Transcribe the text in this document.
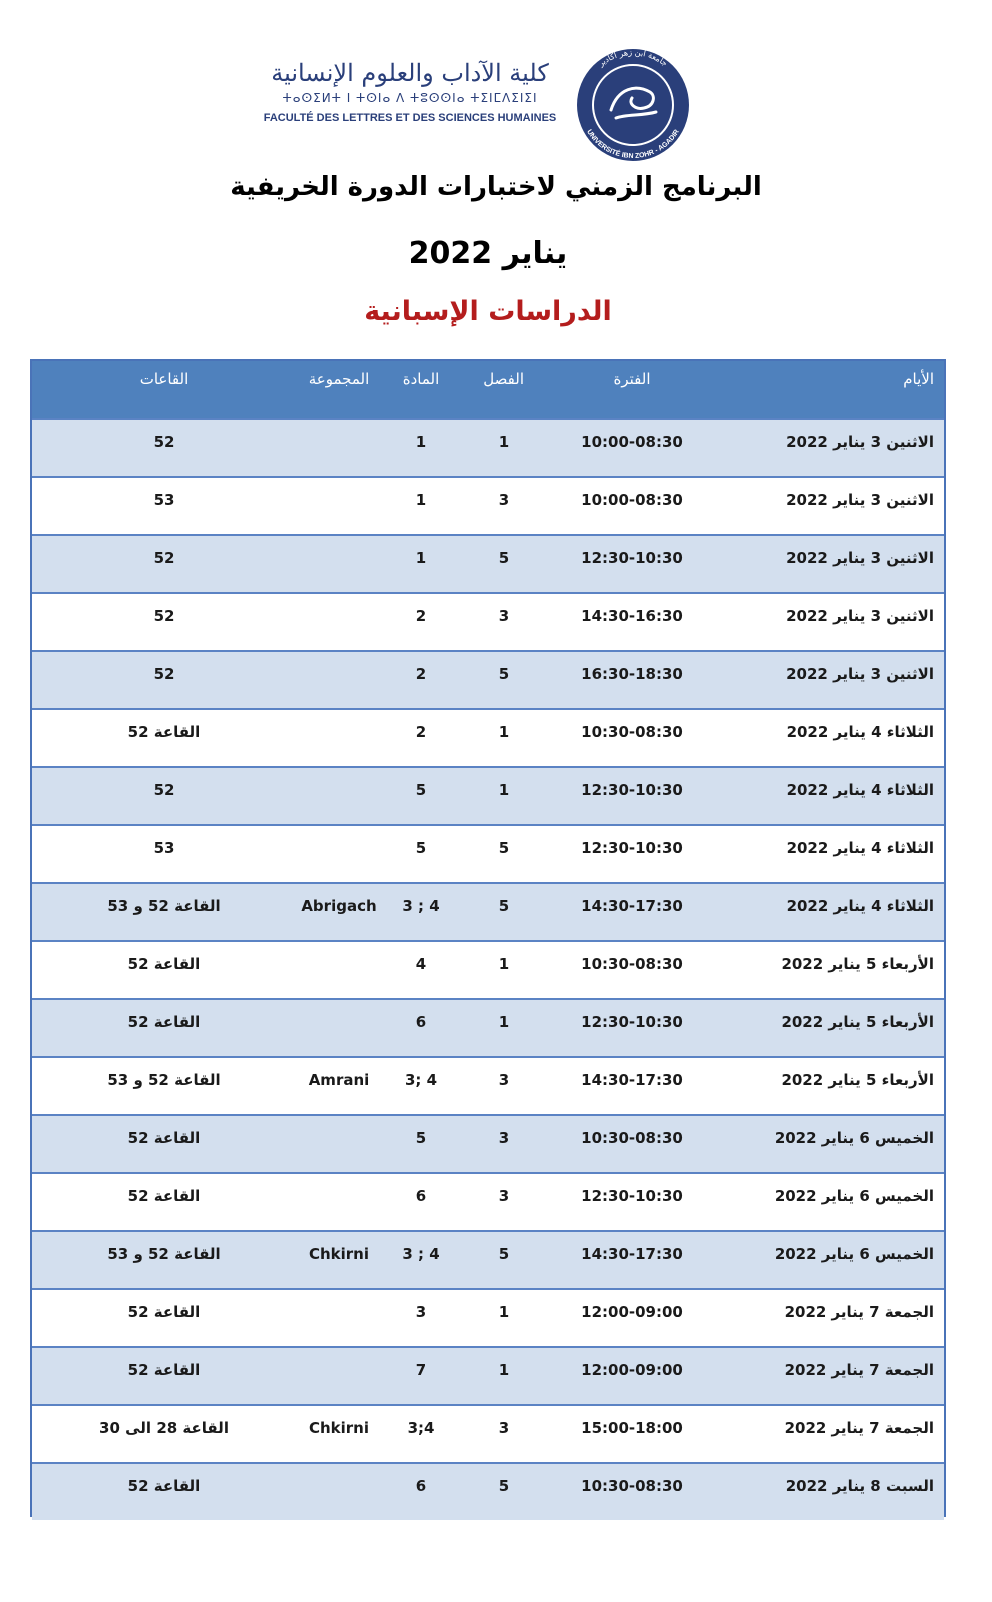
كلية الآداب والعلوم الإنسانية
ⵜⴰⵙⵉⵍⵜ ⵏ ⵜⵙⵏⴰ ⴷ ⵜⵓⵙⵙⵏⴰ ⵜⵉⵏⵎⴷⵉⵏⵉⵏ
FACULTÉ DES LETTRES ET DES SCIENCES HUMAINES
جامعة ابن زهر اكادير
UNIVERSITÉ IBN ZOHR - AGADIR
البرنامج الزمني لاختبارات الدورة الخريفية
يناير 2022
الدراسات الإسبانية
الأيام
الفترة
الفصل
المادة
المجموعة
القاعات
الاثنين 3 يناير 2022
10:00-08:30
1
1
52
الاثنين 3 يناير 2022
10:00-08:30
3
1
53
الاثنين 3 يناير 2022
12:30-10:30
5
1
52
الاثنين 3 يناير 2022
14:30-16:30
3
2
52
الاثنين 3 يناير 2022
16:30-18:30
5
2
52
الثلاثاء 4 يناير 2022
10:30-08:30
1
2
القاعة 52
الثلاثاء 4 يناير 2022
12:30-10:30
1
5
52
الثلاثاء 4 يناير 2022
12:30-10:30
5
5
53
الثلاثاء 4 يناير 2022
14:30-17:30
5
4 ; 3
Abrigach
القاعة 52 و 53
الأربعاء 5 يناير 2022
10:30-08:30
1
4
القاعة 52
الأربعاء 5 يناير 2022
12:30-10:30
1
6
القاعة 52
الأربعاء 5 يناير 2022
14:30-17:30
3
4 ;3
Amrani
القاعة 52 و 53
الخميس 6 يناير 2022
10:30-08:30
3
5
القاعة 52
الخميس 6 يناير 2022
12:30-10:30
3
6
القاعة 52
الخميس 6 يناير 2022
14:30-17:30
5
4 ; 3
Chkirni
القاعة 52 و 53
الجمعة 7 يناير 2022
12:00-09:00
1
3
القاعة 52
الجمعة 7 يناير 2022
12:00-09:00
1
7
القاعة 52
الجمعة 7 يناير 2022
15:00-18:00
3
4;3
Chkirni
القاعة 28 الى 30
السبت 8 يناير 2022
10:30-08:30
5
6
القاعة 52
